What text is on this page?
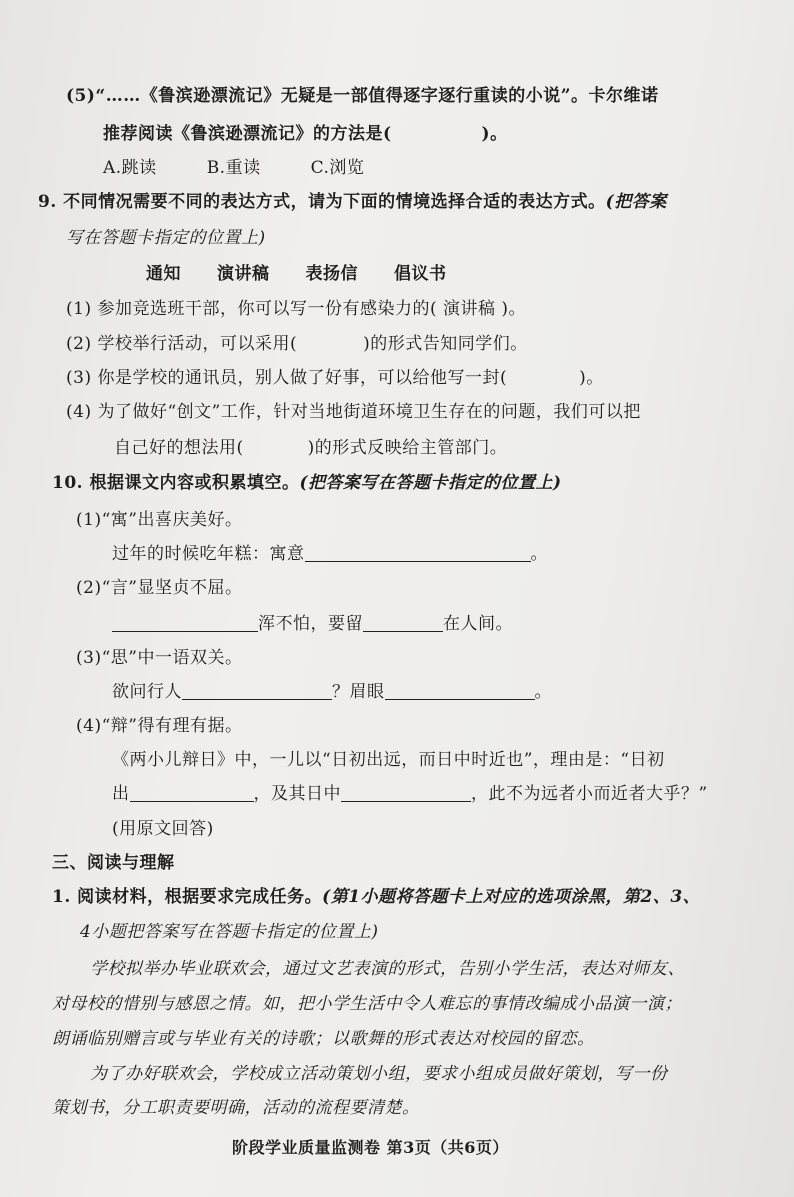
(5)“……《鲁滨逊漂流记》无疑是一部值得逐字逐行重读的小说”。卡尔维诺
推荐阅读《鲁滨逊漂流记》的方法是(	)。
A.跳读	B.重读	C.浏览
9. 不同情况需要不同的表达方式，请为下面的情境选择合适的表达方式。(把答案
写在答题卡指定的位置上)
通知 演讲稿 表扬信 倡议书
(1) 参加竞选班干部，你可以写一份有感染力的( 演讲稿 )。
(2) 学校举行活动，可以采用(	)的形式告知同学们。
(3) 你是学校的通讯员，别人做了好事，可以给他写一封(	)。
(4) 为了做好“创文”工作，针对当地街道环境卫生存在的问题，我们可以把
自己好的想法用(	)的形式反映给主管部门。
10. 根据课文内容或积累填空。(把答案写在答题卡指定的位置上)
(1)“寓”出喜庆美好。
过年的时候吃年糕：寓意	。
(2)“言”显坚贞不屈。
浑不怕，要留	在人间。
(3)“思”中一语双关。
欲问行人	？眉眼	。
(4)“辩”得有理有据。
《两小儿辩日》中，一儿以“日初出远，而日中时近也”，理由是：“日初
出	，及其日中	，此不为远者小而近者大乎？”
(用原文回答)
三、阅读与理解
1. 阅读材料，根据要求完成任务。(第1小题将答题卡上对应的选项涂黑，第2、3、
4小题把答案写在答题卡指定的位置上)
学校拟举办毕业联欢会，通过文艺表演的形式，告别小学生活，表达对师友、
对母校的惜别与感恩之情。如，把小学生活中令人难忘的事情改编成小品演一演；
朗诵临别赠言或与毕业有关的诗歌；以歌舞的形式表达对校园的留恋。
为了办好联欢会，学校成立活动策划小组，要求小组成员做好策划，写一份
策划书，分工职责要明确，活动的流程要清楚。
阶段学业质量监测卷 第3页（共6页）
